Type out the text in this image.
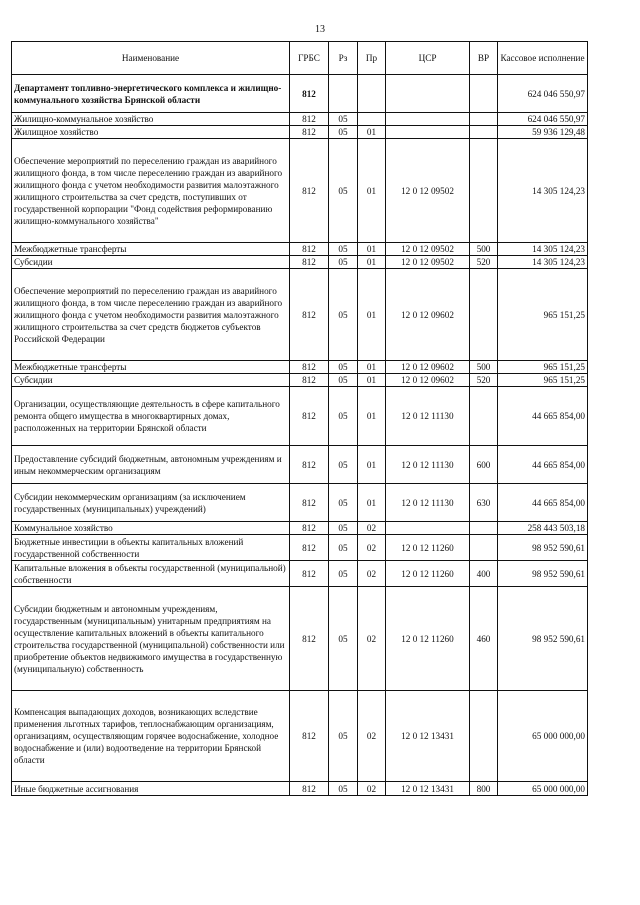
13
Наименование	ГРБС	Рз	Пр	ЦСР	ВР	Кассовое исполнение
Департамент топливно-энергетического комплекса и жилищно-коммунального хозяйства Брянской области	812					624 046 550,97
Жилищно-коммунальное хозяйство	812	05				624 046 550,97
Жилищное хозяйство	812	05	01			59 936 129,48
Обеспечение мероприятий по переселению граждан из аварийного жилищного фонда, в том числе переселению граждан из аварийного жилищного фонда с учетом необходимости развития малоэтажного жилищного строительства за счет средств, поступивших от государственной корпорации "Фонд содействия реформированию жилищно-коммунального хозяйства"	812	05	01	12 0 12 09502		14 305 124,23
Межбюджетные трансферты	812	05	01	12 0 12 09502	500	14 305 124,23
Субсидии	812	05	01	12 0 12 09502	520	14 305 124,23
Обеспечение мероприятий по переселению граждан из аварийного жилищного фонда, в том числе переселению граждан из аварийного жилищного фонда с учетом необходимости развития малоэтажного жилищного строительства за счет средств бюджетов субъектов Российской Федерации	812	05	01	12 0 12 09602		965 151,25
Межбюджетные трансферты	812	05	01	12 0 12 09602	500	965 151,25
Субсидии	812	05	01	12 0 12 09602	520	965 151,25
Организации, осуществляющие деятельность в сфере капитального ремонта общего имущества в многоквартирных домах, расположенных на территории Брянской области	812	05	01	12 0 12 11130		44 665 854,00
Предоставление субсидий бюджетным, автономным учреждениям и иным некоммерческим организациям	812	05	01	12 0 12 11130	600	44 665 854,00
Субсидии некоммерческим организациям (за исключением государственных (муниципальных) учреждений)	812	05	01	12 0 12 11130	630	44 665 854,00
Коммунальное хозяйство	812	05	02			258 443 503,18
Бюджетные инвестиции в объекты капитальных вложений государственной собственности	812	05	02	12 0 12 11260		98 952 590,61
Капитальные вложения в объекты государственной (муниципальной) собственности	812	05	02	12 0 12 11260	400	98 952 590,61
Субсидии бюджетным и автономным учреждениям, государственным (муниципальным) унитарным предприятиям на осуществление капитальных вложений в объекты капитального строительства государственной (муниципальной) собственности или приобретение объектов недвижимого имущества в государственную (муниципальную) собственность	812	05	02	12 0 12 11260	460	98 952 590,61
Компенсация выпадающих доходов, возникающих вследствие применения льготных тарифов, теплоснабжающим организациям, организациям, осуществляющим горячее водоснабжение, холодное водоснабжение и (или) водоотведение на территории Брянской области	812	05	02	12 0 12 13431		65 000 000,00
Иные бюджетные ассигнования	812	05	02	12 0 12 13431	800	65 000 000,00
